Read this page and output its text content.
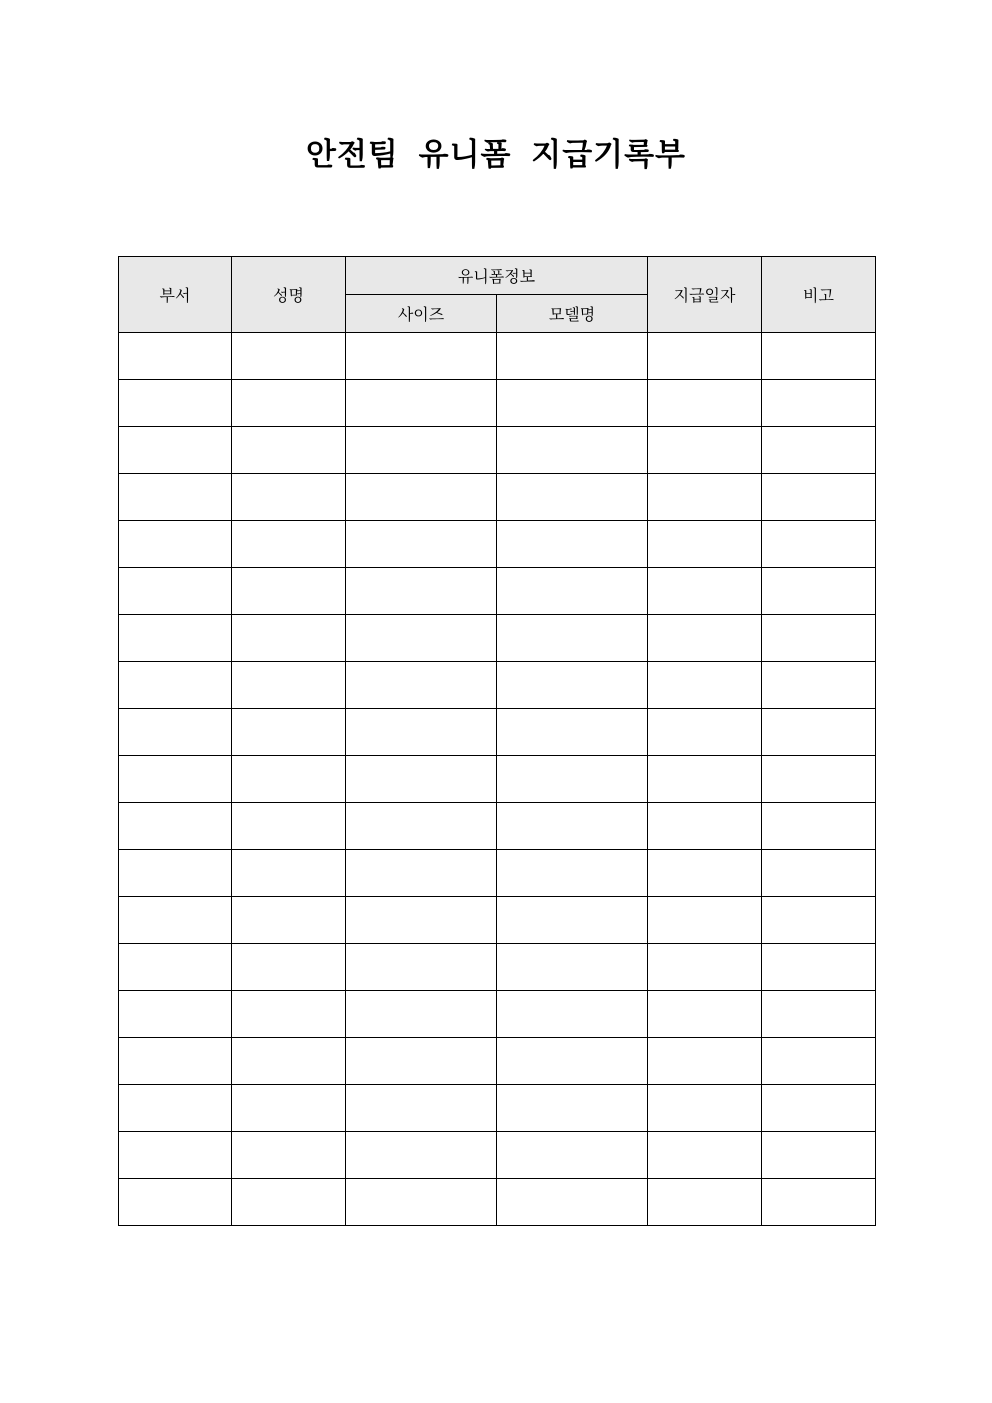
안전팀 유니폼 지급기록부
부서	성명	유니폼정보		지급일자	비고
		사이즈	모델명		
